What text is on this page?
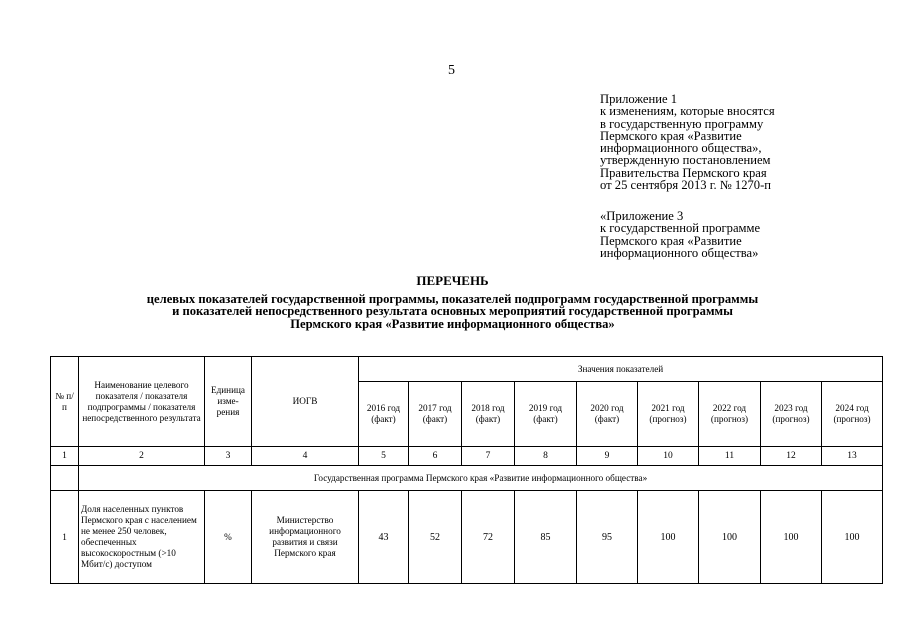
5
Приложение 1
к изменениям, которые вносятся
в государственную программу
Пермского края «Развитие
информационного общества»,
утвержденную постановлением
Правительства Пермского края
от 25 сентября 2013 г. № 1270-п
«Приложение 3
к государственной программе
Пермского края «Развитие
информационного общества»
ПЕРЕЧЕНЬ
целевых показателей государственной программы, показателей подпрограмм государственной программы
и показателей непосредственного результата основных мероприятий государственной программы
Пермского края «Развитие информационного общества»
№ п/п	Наименование целевого показателя / показателя подпрограммы / показателя непосредственного результата	Единица изме-рения	ИОГВ	Значения показателей								
				2016 год (факт)	2017 год (факт)	2018 год (факт)	2019 год (факт)	2020 год (факт)	2021 год (прогноз)	2022 год (прогноз)	2023 год (прогноз)	2024 год (прогноз)
1	2	3	4	5	6	7	8	9	10	11	12	13
	Государственная программа Пермского края «Развитие информационного общества»											
1	Доля населенных пунктов Пермского края с населением не менее 250 человек, обеспеченных высокоскоростным (>10 Мбит/с) доступом	%	Министерство информационного развития и связи Пермского края	43	52	72	85	95	100	100	100	100
